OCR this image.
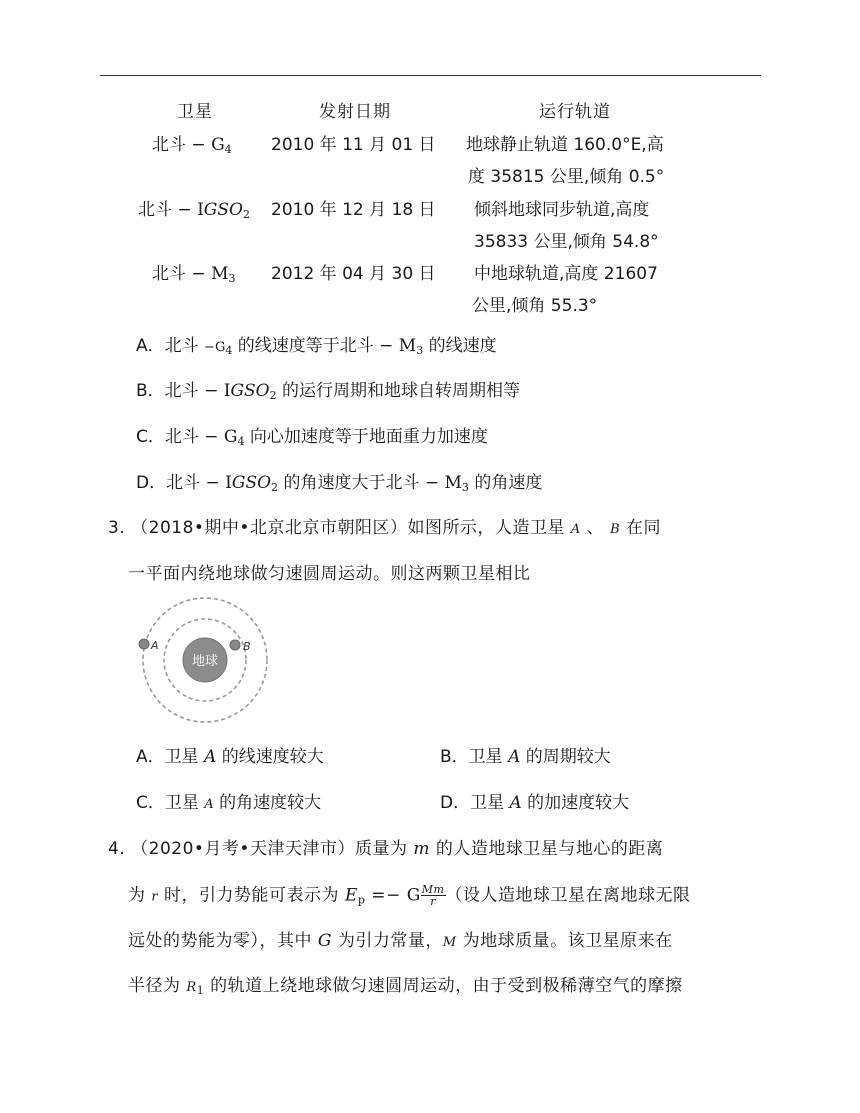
卫星	发射日期	运行轨道
北斗 − $G_4$ 2010 年 11 月 01 日 地球静止轨道 160.0°E,高
度 35815 公里,倾角 0.5°
北斗 − $IGSO_2$ 2010 年 12 月 18 日 倾斜地球同步轨道,高度
35833 公里,倾角 54.8°
北斗 − $M_3$ 2012 年 04 月 30 日 中地球轨道,高度 21607
公里,倾角 55.3°
A．北斗 $-G_4$ 的线速度等于北斗 − $M_3$ 的线速度
B．北斗 − $IGSO_2$ 的运行周期和地球自转周期相等
C．北斗 − $G_4$ 向心加速度等于地面重力加速度
D．北斗 − $IGSO_2$ 的角速度大于北斗 − $M_3$ 的角速度
3. （2018•期中•北京北京市朝阳区）如图所示，人造卫星 A 、 B 在同
一平面内绕地球做匀速圆周运动。则这两颗卫星相比
地球
A	B
A．卫星 A 的线速度较大	B．卫星 A 的周期较大
C．卫星 A 的角速度较大	D．卫星 A 的加速度较大
4. （2020•月考•天津天津市）质量为 m 的人造地球卫星与地心的距离
为 r 时，引力势能可表示为 $E_p =- G \frac{Mm}{r}$ （设人造地球卫星在离地球无限
远处的势能为零），其中 G 为引力常量，M 为地球质量。该卫星原来在
半径为 $R_1$ 的轨道上绕地球做匀速圆周运动，由于受到极稀薄空气的摩擦
